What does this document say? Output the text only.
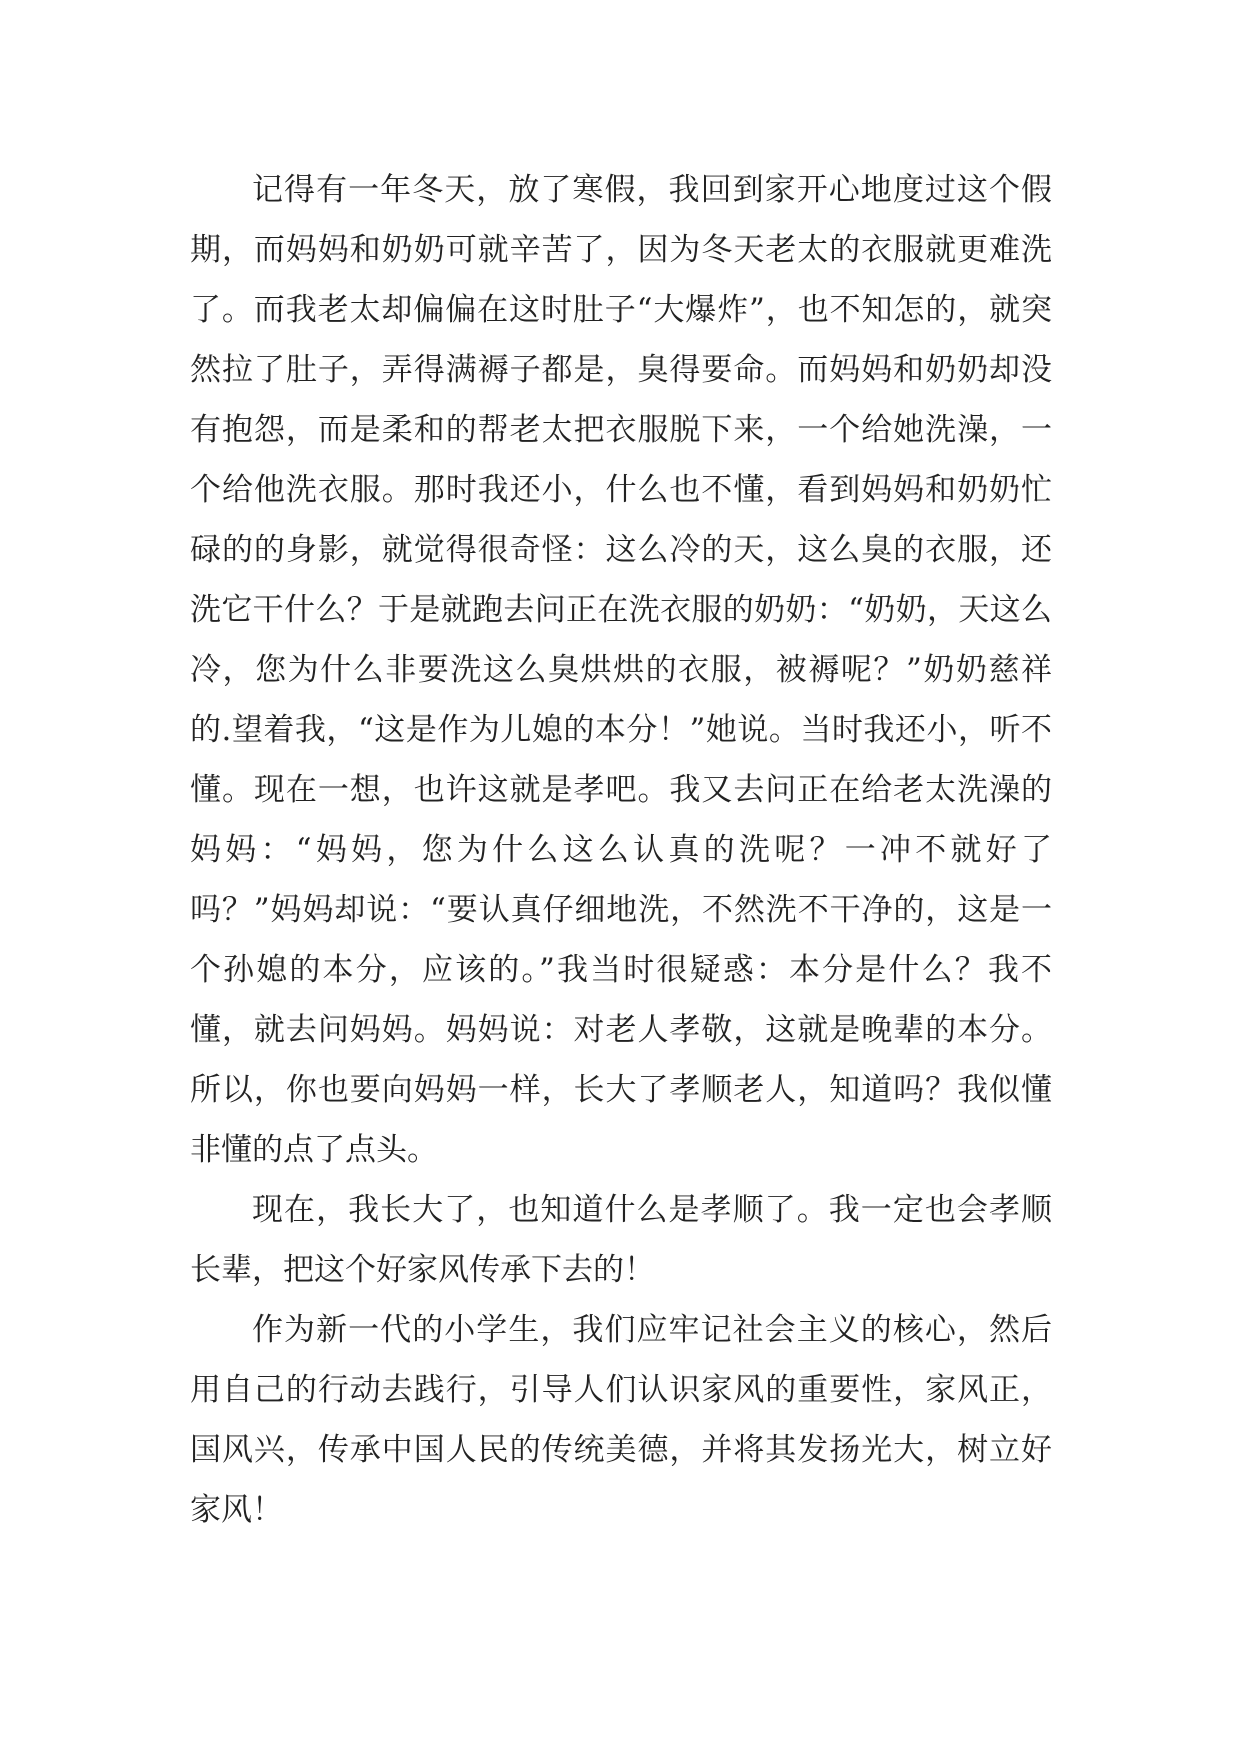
记得有一年冬天，放了寒假，我回到家开心地度过这个假期，而妈妈和奶奶可就辛苦了，因为冬天老太的衣服就更难洗了。而我老太却偏偏在这时肚子“大爆炸”，也不知怎的，就突然拉了肚子，弄得满褥子都是，臭得要命。而妈妈和奶奶却没有抱怨，而是柔和的帮老太把衣服脱下来，一个给她洗澡，一个给他洗衣服。那时我还小，什么也不懂，看到妈妈和奶奶忙碌的的身影，就觉得很奇怪：这么冷的天，这么臭的衣服，还洗它干什么？于是就跑去问正在洗衣服的奶奶：“奶奶，天这么冷，您为什么非要洗这么臭烘烘的衣服，被褥呢？”奶奶慈祥的.望着我，“这是作为儿媳的本分！”她说。当时我还小，听不懂。现在一想，也许这就是孝吧。我又去问正在给老太洗澡的妈妈：“妈妈，您为什么这么认真的洗呢？一冲不就好了吗？”妈妈却说：“要认真仔细地洗，不然洗不干净的，这是一个孙媳的本分，应该的。”我当时很疑惑：本分是什么？我不懂，就去问妈妈。妈妈说：对老人孝敬，这就是晚辈的本分。所以，你也要向妈妈一样，长大了孝顺老人，知道吗？我似懂非懂的点了点头。

现在，我长大了，也知道什么是孝顺了。我一定也会孝顺长辈，把这个好家风传承下去的！

作为新一代的小学生，我们应牢记社会主义的核心，然后用自己的行动去践行，引导人们认识家风的重要性，家风正，国风兴，传承中国人民的传统美德，并将其发扬光大，树立好家风！
